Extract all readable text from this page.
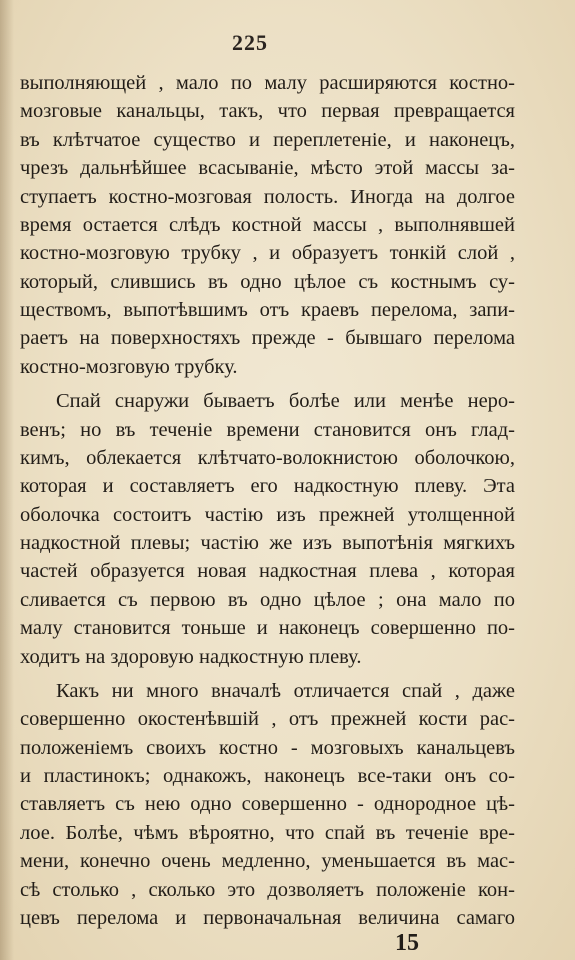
225
выполняющей , мало по малу расширяются костно-
мозговые канальцы, такъ, что первая превращается
въ клѣтчатое существо и переплетеніе, и наконецъ,
чрезъ дальнѣйшее всасываніе, мѣсто этой массы за-
ступаетъ костно-мозговая полость. Иногда на долгое
время остается слѣдъ костной массы , выполнявшей
костно-мозговую трубку , и образуетъ тонкій слой ,
который, слившись въ одно цѣлое съ костнымъ су-
ществомъ, выпотѣвшимъ отъ краевъ перелома, запи-
раетъ на поверхностяхъ прежде - бывшаго перелома
костно-мозговую трубку.
Спай снаружи бываетъ болѣе или менѣе неро-
венъ; но въ теченіе времени становится онъ глад-
кимъ, облекается клѣтчато-волокнистою оболочкою,
которая и составляетъ его надкостную плеву. Эта
оболочка состоитъ частію изъ прежней утолщенной
надкостной плевы; частію же изъ выпотѣнія мягкихъ
частей образуется новая надкостная плева , которая
сливается съ первою въ одно цѣлое ; она мало по
малу становится тоньше и наконецъ совершенно по-
ходитъ на здоровую надкостную плеву.
Какъ ни много вначалѣ отличается спай , даже
совершенно окостенѣвшій , отъ прежней кости рас-
положеніемъ своихъ костно - мозговыхъ канальцевъ
и пластинокъ; однакожъ, наконецъ все-таки онъ со-
ставляетъ съ нею одно совершенно - однородное цѣ-
лое. Болѣе, чѣмъ вѣроятно, что спай въ теченіе вре-
мени, конечно очень медленно, уменьшается въ мас-
сѣ столько , сколько это дозволяетъ положеніе кон-
цевъ перелома и первоначальная величина самаго
15
